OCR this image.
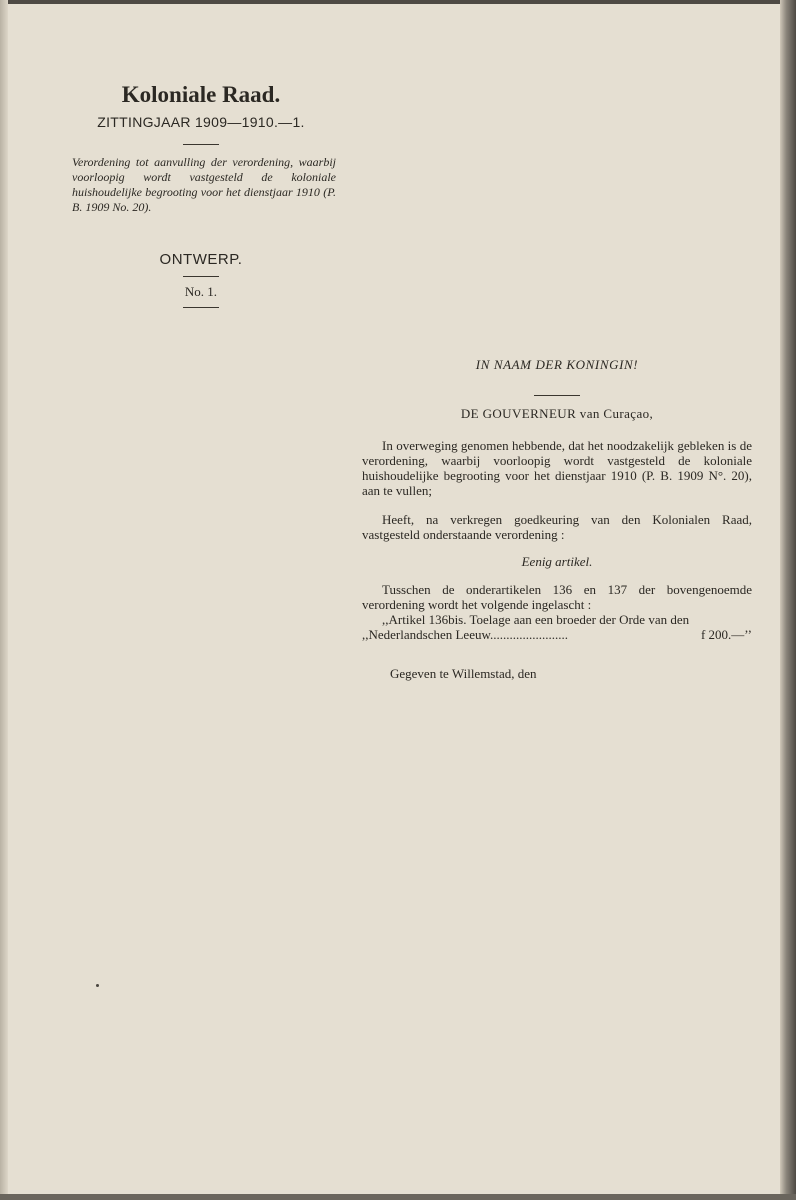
Koloniale Raad.

ZITTINGJAAR 1909—1910.—1.

Verordening tot aanvulling der verordening, waarbij voorloopig wordt vastgesteld de koloniale huishoudelijke begrooting voor het dienstjaar 1910 (P. B. 1909 No. 20).

ONTWERP.

No. 1.

IN NAAM DER KONINGIN!

DE GOUVERNEUR van Curaçao,

In overweging genomen hebbende, dat het noodzakelijk gebleken is de verordening, waarbij voorloopig wordt vastgesteld de koloniale huishoudelijke begrooting voor het dienstjaar 1910 (P. B. 1909 N°. 20), aan te vullen;

Heeft, na verkregen goedkeuring van den Kolonialen Raad, vastgesteld onderstaande verordening :

Eenig artikel.

Tusschen de onderartikelen 136 en 137 der bovengenoemde verordening wordt het volgende ingelascht :

,,Artikel 136bis. Toelage aan een broeder der Orde van den

,,Nederlandschen Leeuw........................	f 200.—’’

Gegeven te Willemstad, den
